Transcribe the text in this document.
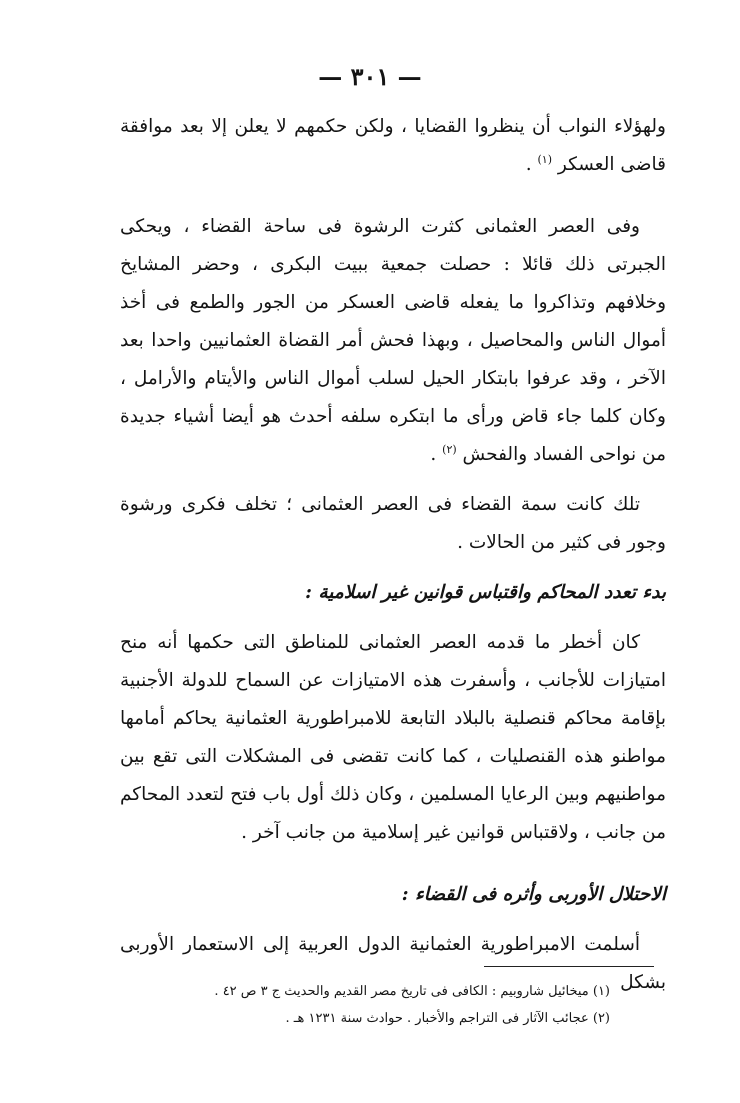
— ٣٠١ —

ولهؤلاء النواب أن ينظروا القضايا ، ولكن حكمهم لا يعلن إلا بعد موافقة قاضى العسكر $^{(١)}$ .

وفى العصر العثمانى كثرت الرشوة فى ساحة القضاء ، ويحكى الجبرتى ذلك قائلا : حصلت جمعية ببيت البكرى ، وحضر المشايخ وخلافهم وتذاكروا ما يفعله قاضى العسكر من الجور والطمع فى أخذ أموال الناس والمحاصيل ، وبهذا فحش أمر القضاة العثمانيين واحدا بعد الآخر ، وقد عرفوا بابتكار الحيل لسلب أموال الناس والأيتام والأرامل ، وكان كلما جاء قاض ورأى ما ابتكره سلفه أحدث هو أيضا أشياء جديدة من نواحى الفساد والفحش $^{(٢)}$ .

تلك كانت سمة القضاء فى العصر العثمانى ؛ تخلف فكرى ورشوة وجور فى كثير من الحالات .

بدء تعدد المحاكم واقتباس قوانين غير اسلامية :

كان أخطر ما قدمه العصر العثمانى للمناطق التى حكمها أنه منح امتيازات للأجانب ، وأسفرت هذه الامتيازات عن السماح للدولة الأجنبية بإقامة محاكم قنصلية بالبلاد التابعة للامبراطورية العثمانية يحاكم أمامها مواطنو هذه القنصليات ، كما كانت تقضى فى المشكلات التى تقع بين مواطنيهم وبين الرعايا المسلمين ، وكان ذلك أول باب فتح لتعدد المحاكم من جانب ، ولاقتباس قوانين غير إسلامية من جانب آخر .

الاحتلال الأوربى وأثره فى القضاء :

أسلمت الامبراطورية العثمانية الدول العربية إلى الاستعمار الأوربى بشكل

(١) ميخائيل شاروبيم : الكافى فى تاريخ مصر القديم والحديث ج ٣ ص ٤٢ .

(٢) عجائب الآثار فى التراجم والأخبار . حوادث سنة ١٢٣١ هـ .
